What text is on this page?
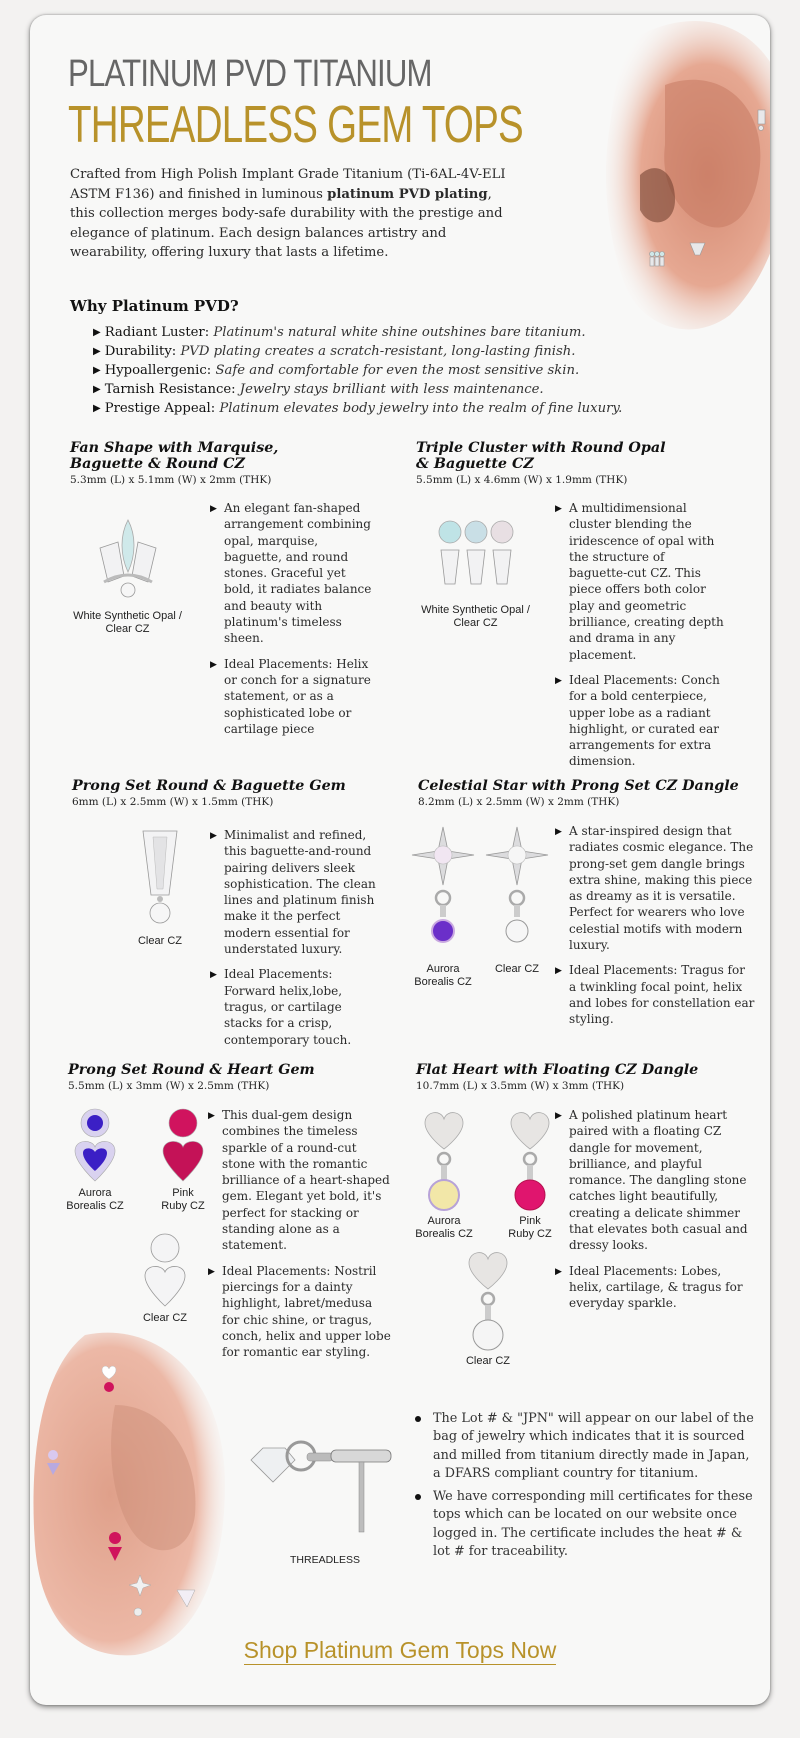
PLATINUM PVD TITANIUM
THREADLESS GEM TOPS
Crafted from High Polish Implant Grade Titanium (Ti-6AL-4V-ELI ASTM F136) and finished in luminous platinum PVD plating, this collection merges body-safe durability with the prestige and elegance of platinum. Each design balances artistry and wearability, offering luxury that lasts a lifetime.
Why Platinum PVD?
▶ Radiant Luster: Platinum's natural white shine outshines bare titanium.
▶ Durability: PVD plating creates a scratch-resistant, long-lasting finish.
▶ Hypoallergenic: Safe and comfortable for even the most sensitive skin.
▶ Tarnish Resistance: Jewelry stays brilliant with less maintenance.
▶ Prestige Appeal: Platinum elevates body jewelry into the realm of fine luxury.
Fan Shape with Marquise,
Baguette & Round CZ
5.3mm (L) x 5.1mm (W) x 2mm (THK)
White Synthetic Opal /
Clear CZ
▶ An elegant fan-shaped arrangement combining opal, marquise, baguette, and round stones. Graceful yet bold, it radiates balance and beauty with platinum's timeless sheen.
▶ Ideal Placements: Helix or conch for a signature statement, or as a sophisticated lobe or cartilage piece
Triple Cluster with Round Opal
& Baguette CZ
5.5mm (L) x 4.6mm (W) x 1.9mm (THK)
White Synthetic Opal /
Clear CZ
▶ A multidimensional cluster blending the iridescence of opal with the structure of baguette-cut CZ. This piece offers both color play and geometric brilliance, creating depth and drama in any placement.
▶ Ideal Placements: Conch for a bold centerpiece, upper lobe as a radiant highlight, or curated ear arrangements for extra dimension.
Prong Set Round & Baguette Gem
6mm (L) x 2.5mm (W) x 1.5mm (THK)
Clear CZ
▶ Minimalist and refined, this baguette-and-round pairing delivers sleek sophistication. The clean lines and platinum finish make it the perfect modern essential for understated luxury.
▶ Ideal Placements: Forward helix,lobe, tragus, or cartilage stacks for a crisp, contemporary touch.
Celestial Star with Prong Set CZ Dangle
8.2mm (L) x 2.5mm (W) x 2mm (THK)
Aurora
Borealis CZ
Clear CZ
▶ A star-inspired design that radiates cosmic elegance. The prong-set gem dangle brings extra shine, making this piece as dreamy as it is versatile. Perfect for wearers who love celestial motifs with modern luxury.
▶ Ideal Placements: Tragus for a twinkling focal point, helix and lobes for constellation ear styling.
Prong Set Round & Heart Gem
5.5mm (L) x 3mm (W) x 2.5mm (THK)
Aurora
Borealis CZ
Pink
Ruby CZ
Clear CZ
▶ This dual-gem design combines the timeless sparkle of a round-cut stone with the romantic brilliance of a heart-shaped gem. Elegant yet bold, it's perfect for stacking or standing alone as a statement.
▶ Ideal Placements: Nostril piercings for a dainty highlight, labret/medusa for chic shine, or tragus, conch, helix and upper lobe for romantic ear styling.
Flat Heart with Floating CZ Dangle
10.7mm (L) x 3.5mm (W) x 3mm (THK)
Aurora
Borealis CZ
Pink
Ruby CZ
Clear CZ
▶ A polished platinum heart paired with a floating CZ dangle for movement, brilliance, and playful romance. The dangling stone catches light beautifully, creating a delicate shimmer that elevates both casual and dressy looks.
▶ Ideal Placements: Lobes, helix, cartilage, & tragus for everyday sparkle.
THREADLESS
The Lot # & "JPN" will appear on our label of the bag of jewelry which indicates that it is sourced and milled from titanium directly made in Japan, a DFARS compliant country for titanium.
We have corresponding mill certificates for these tops which can be located on our website once logged in. The certificate includes the heat # & lot # for traceability.
Shop Platinum Gem Tops Now
